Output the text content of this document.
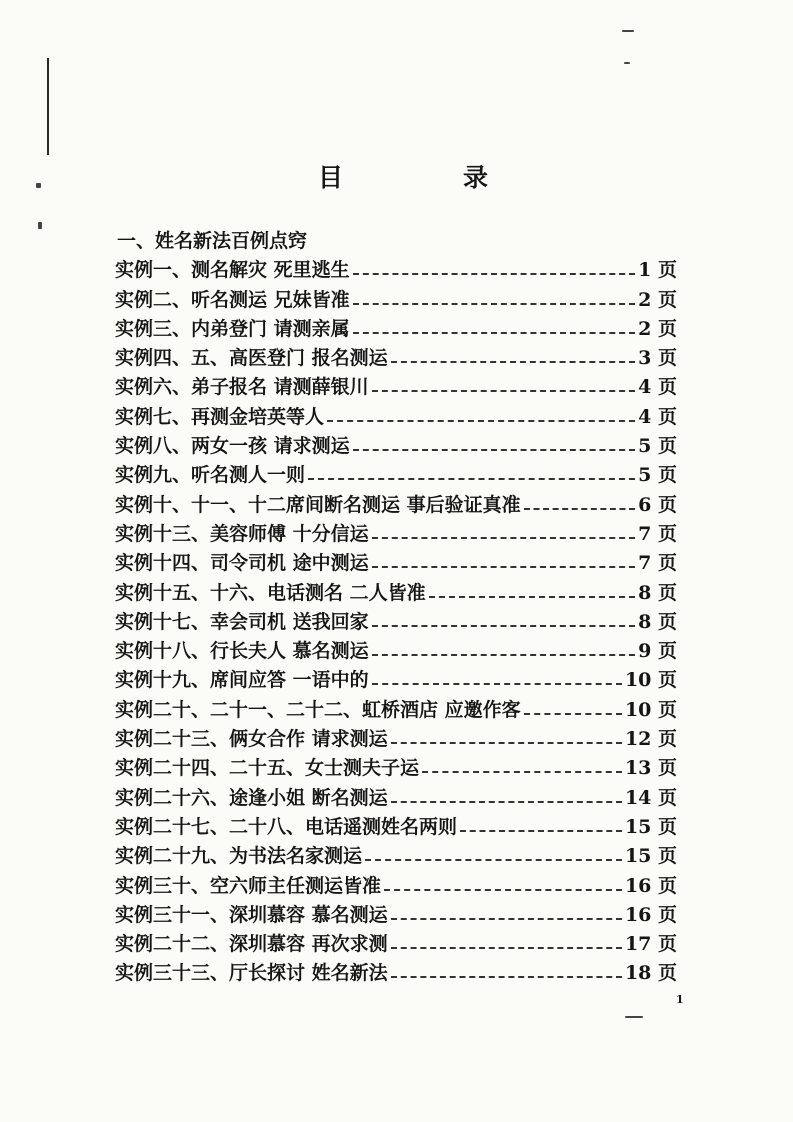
目	录
一、姓名新法百例点窍
实例一、测名解灾 死里逃生	1 页
实例二、听名测运 兄妹皆准	2 页
实例三、内弟登门 请测亲属	2 页
实例四、五、高医登门 报名测运	3 页
实例六、弟子报名 请测薛银川	4 页
实例七、再测金培英等人	4 页
实例八、两女一孩 请求测运	5 页
实例九、听名测人一则	5 页
实例十、十一、十二席间断名测运 事后验证真准	6 页
实例十三、美容师傅 十分信运	7 页
实例十四、司令司机 途中测运	7 页
实例十五、十六、电话测名 二人皆准	8 页
实例十七、幸会司机 送我回家	8 页
实例十八、行长夫人 慕名测运	9 页
实例十九、席间应答 一语中的	10 页
实例二十、二十一、二十二、虹桥酒店 应邀作客	10 页
实例二十三、俩女合作 请求测运	12 页
实例二十四、二十五、女士测夫子运	13 页
实例二十六、途逢小姐 断名测运	14 页
实例二十七、二十八、电话遥测姓名两则	15 页
实例二十九、为书法名家测运	15 页
实例三十、空六师主任测运皆准	16 页
实例三十一、深圳慕容 慕名测运	16 页
实例二十二、深圳慕容 再次求测	17 页
实例三十三、厅长探讨 姓名新法	18 页
1
